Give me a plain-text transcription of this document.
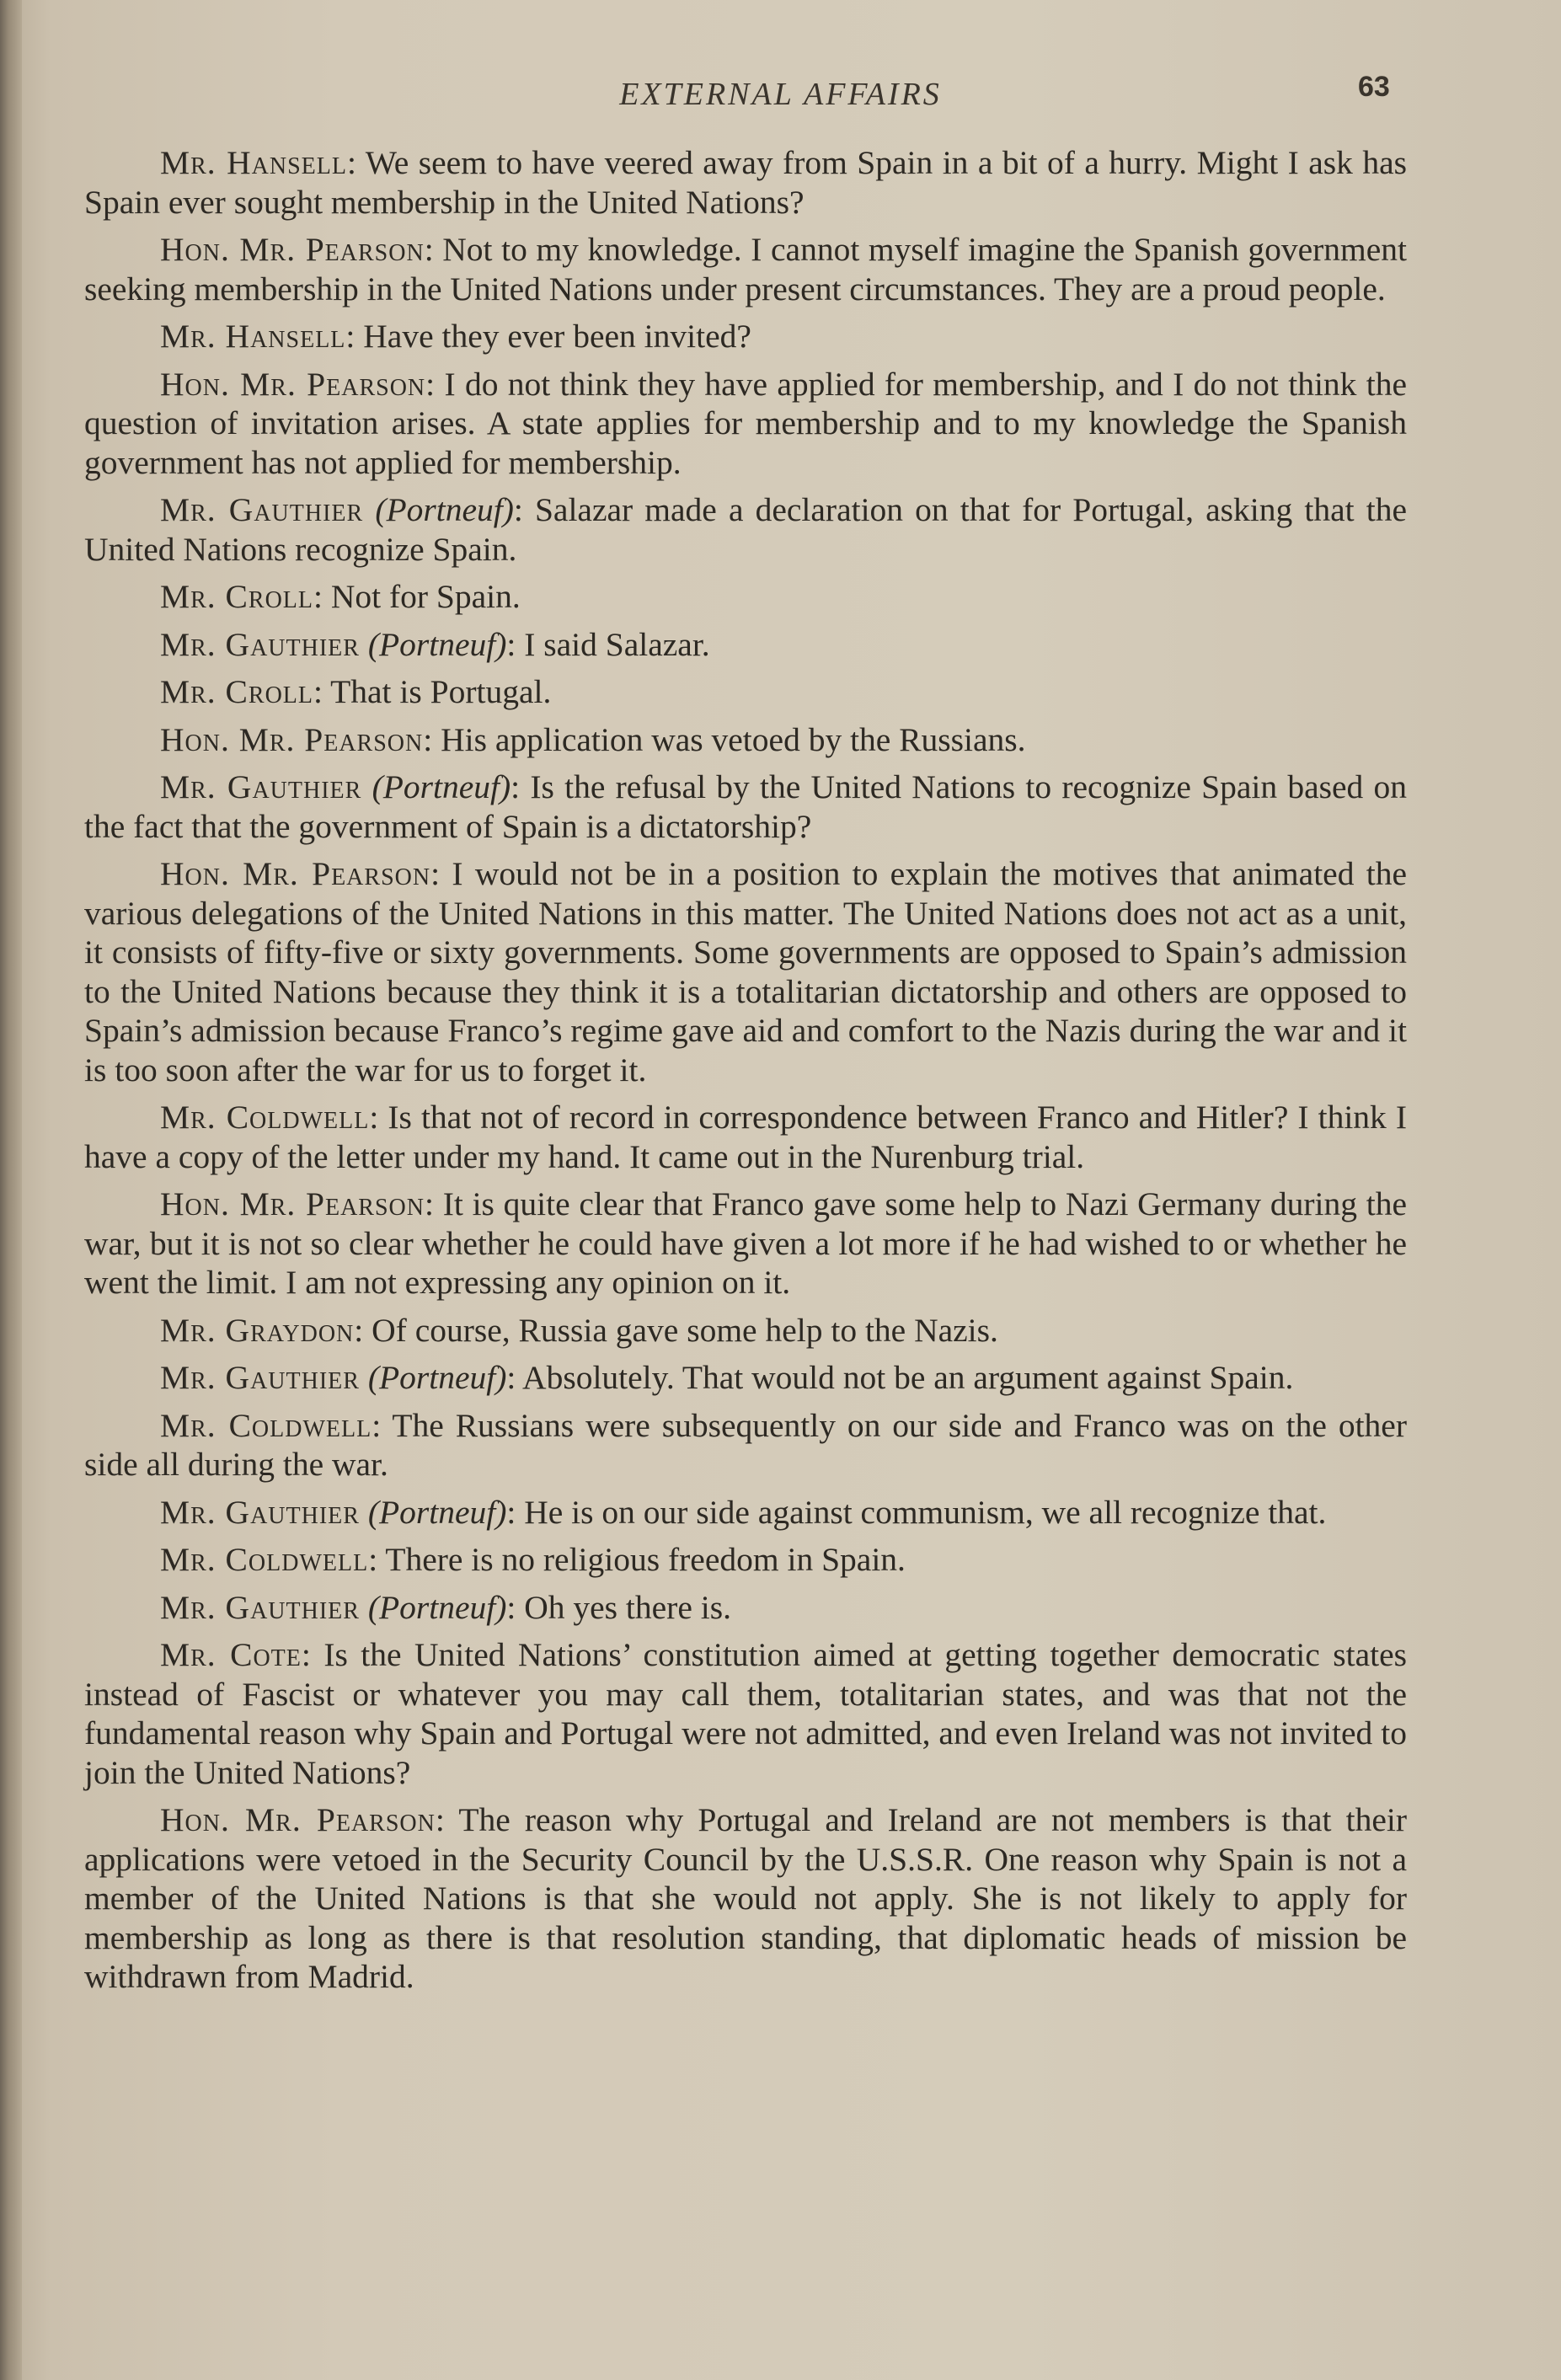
EXTERNAL AFFAIRS	63

Mr. Hansell: We seem to have veered away from Spain in a bit of a hurry. Might I ask has Spain ever sought membership in the United Nations?

Hon. Mr. Pearson: Not to my knowledge. I cannot myself imagine the Spanish government seeking membership in the United Nations under present circumstances. They are a proud people.

Mr. Hansell: Have they ever been invited?

Hon. Mr. Pearson: I do not think they have applied for membership, and I do not think the question of invitation arises. A state applies for membership and to my knowledge the Spanish government has not applied for membership.

Mr. Gauthier (Portneuf): Salazar made a declaration on that for Portugal, asking that the United Nations recognize Spain.

Mr. Croll: Not for Spain.

Mr. Gauthier (Portneuf): I said Salazar.

Mr. Croll: That is Portugal.

Hon. Mr. Pearson: His application was vetoed by the Russians.

Mr. Gauthier (Portneuf): Is the refusal by the United Nations to recognize Spain based on the fact that the government of Spain is a dictatorship?

Hon. Mr. Pearson: I would not be in a position to explain the motives that animated the various delegations of the United Nations in this matter. The United Nations does not act as a unit, it consists of fifty-five or sixty governments. Some governments are opposed to Spain’s admission to the United Nations because they think it is a totalitarian dictatorship and others are opposed to Spain’s admission because Franco’s regime gave aid and comfort to the Nazis during the war and it is too soon after the war for us to forget it.

Mr. Coldwell: Is that not of record in correspondence between Franco and Hitler? I think I have a copy of the letter under my hand. It came out in the Nurenburg trial.

Hon. Mr. Pearson: It is quite clear that Franco gave some help to Nazi Germany during the war, but it is not so clear whether he could have given a lot more if he had wished to or whether he went the limit. I am not expressing any opinion on it.

Mr. Graydon: Of course, Russia gave some help to the Nazis.

Mr. Gauthier (Portneuf): Absolutely. That would not be an argument against Spain.

Mr. Coldwell: The Russians were subsequently on our side and Franco was on the other side all during the war.

Mr. Gauthier (Portneuf): He is on our side against communism, we all recognize that.

Mr. Coldwell: There is no religious freedom in Spain.

Mr. Gauthier (Portneuf): Oh yes there is.

Mr. Cote: Is the United Nations’ constitution aimed at getting together democratic states instead of Fascist or whatever you may call them, totalitarian states, and was that not the fundamental reason why Spain and Portugal were not admitted, and even Ireland was not invited to join the United Nations?

Hon. Mr. Pearson: The reason why Portugal and Ireland are not members is that their applications were vetoed in the Security Council by the U.S.S.R. One reason why Spain is not a member of the United Nations is that she would not apply. She is not likely to apply for membership as long as there is that resolution standing, that diplomatic heads of mission be withdrawn from Madrid.
